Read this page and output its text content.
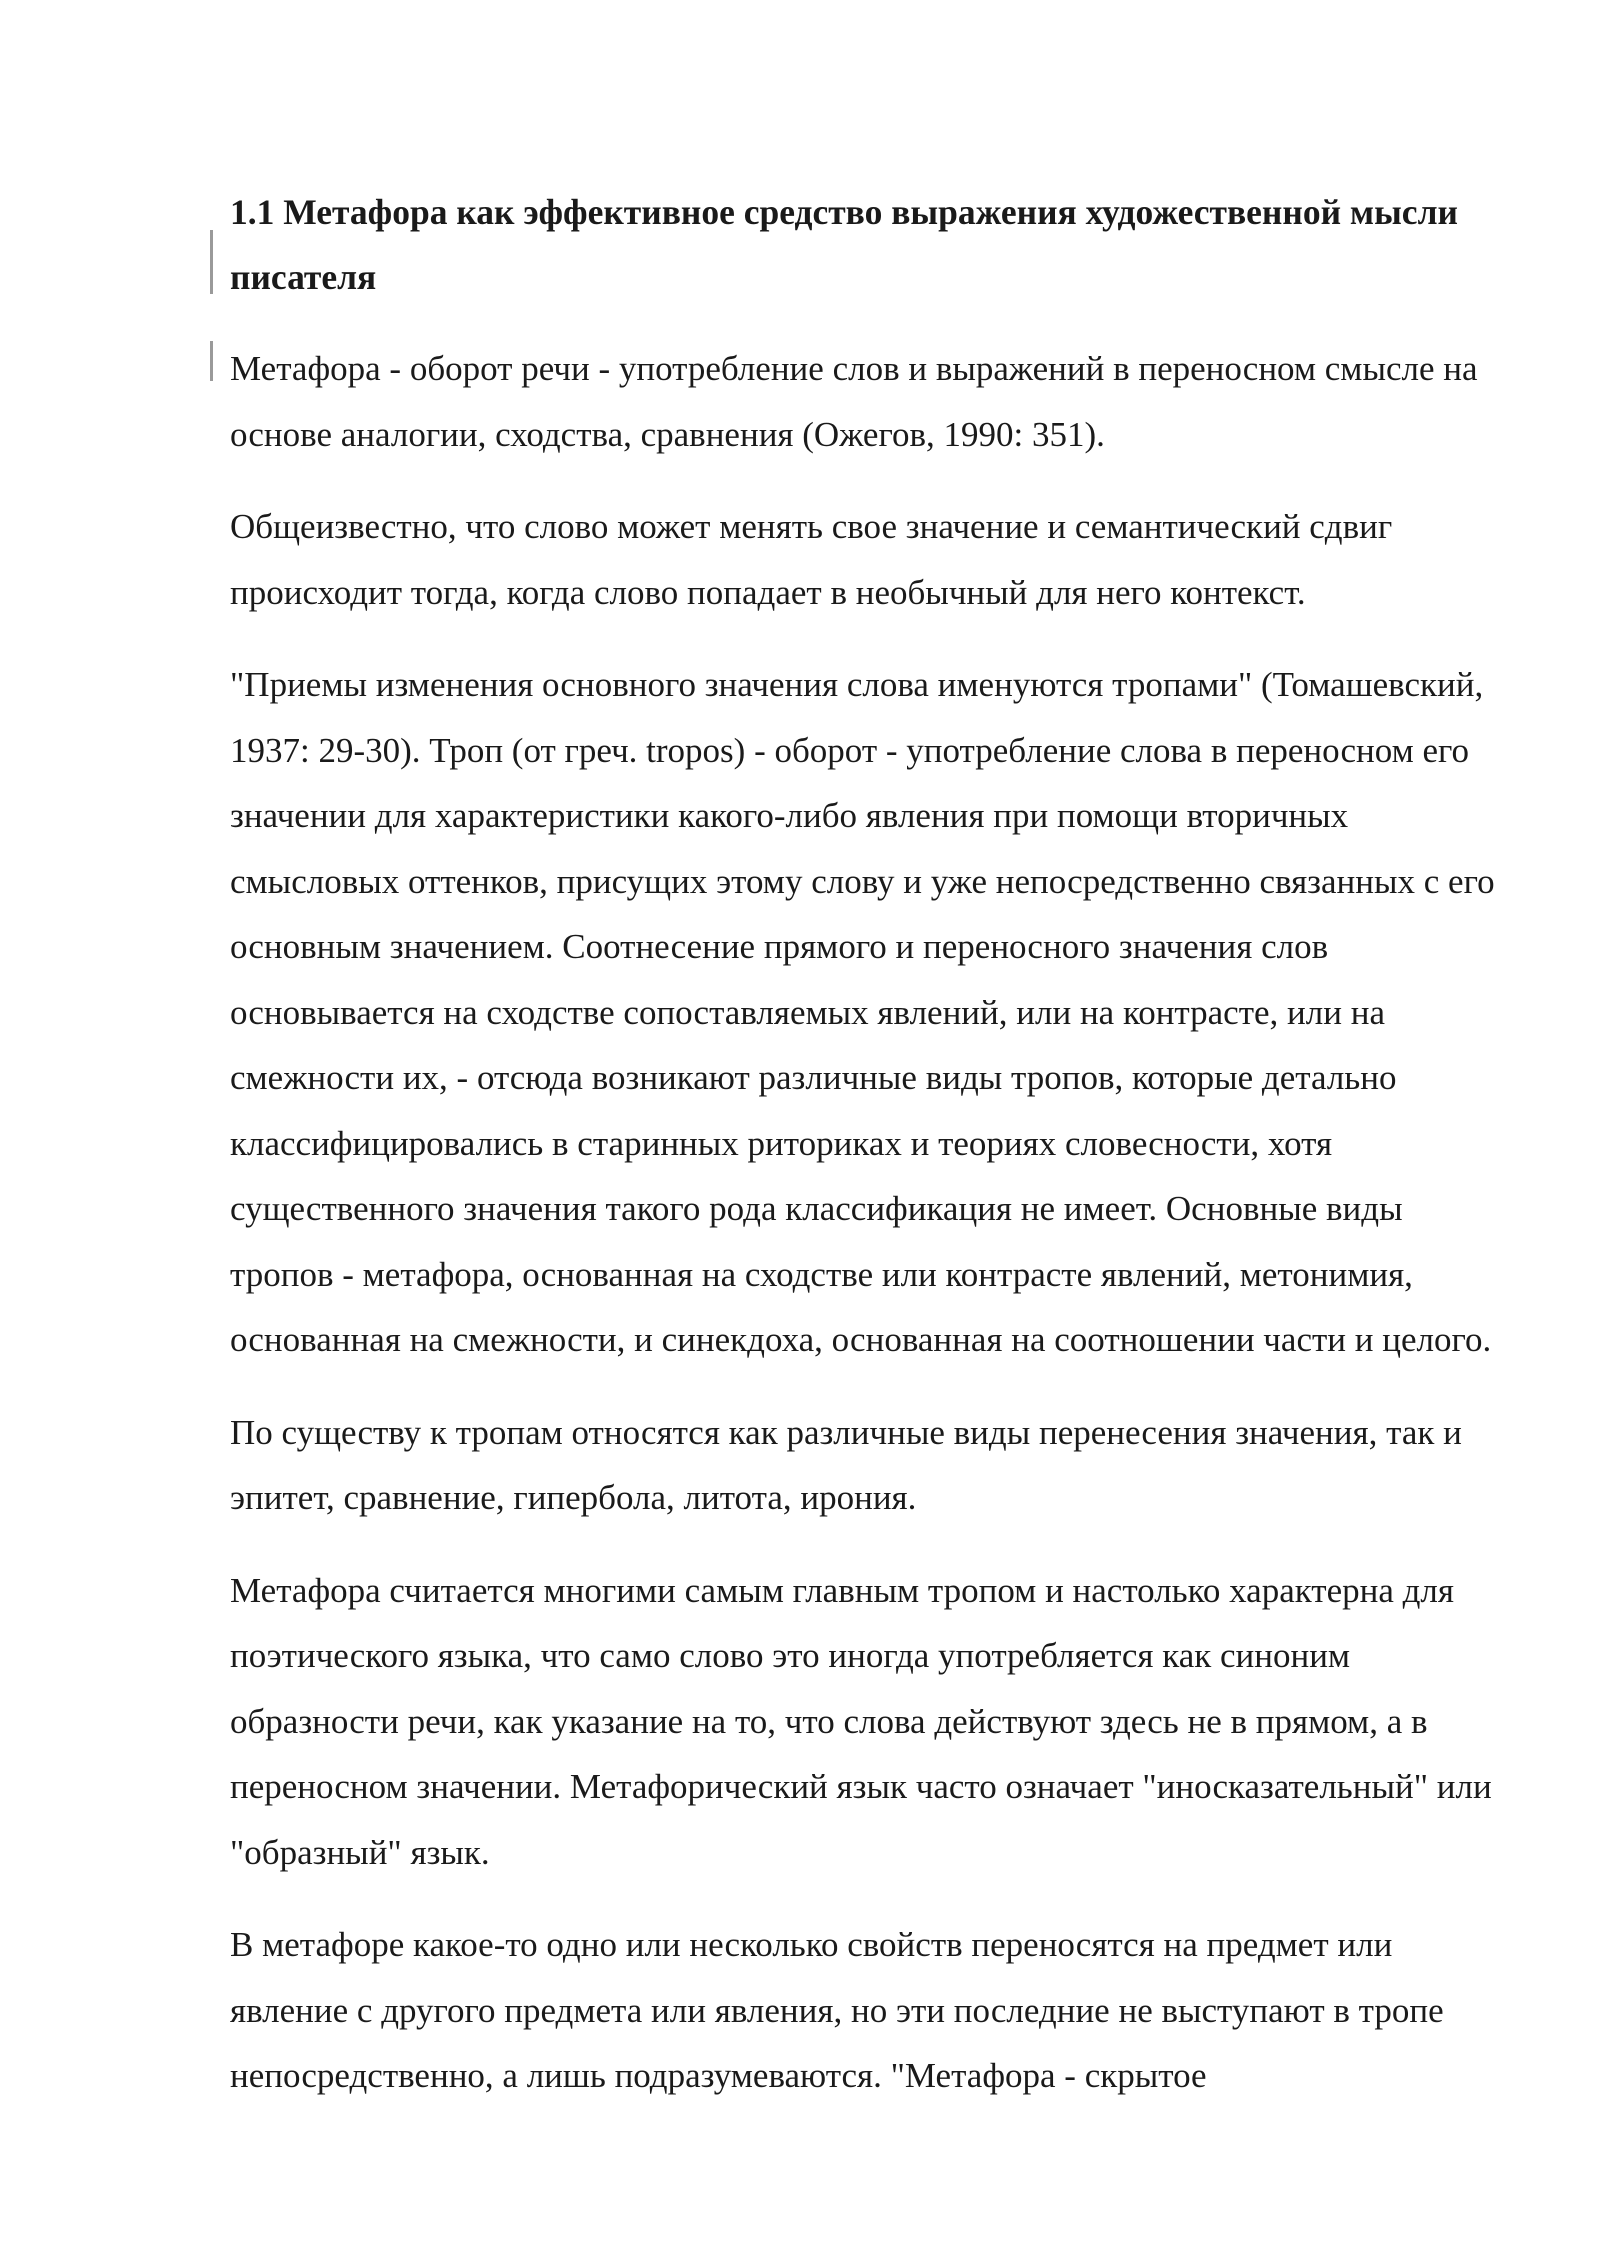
1.1 Метафора как эффективное средство выражения художественной мысли писателя

Метафора - оборот речи - употребление слов и выражений в переносном смысле на основе аналогии, сходства, сравнения (Ожегов, 1990: 351).

Общеизвестно, что слово может менять свое значение и семантический сдвиг происходит тогда, когда слово попадает в необычный для него контекст.

"Приемы изменения основного значения слова именуются тропами" (Томашевский, 1937: 29-30). Троп (от греч. tropos) - оборот - употребление слова в переносном его значении для характеристики какого-либо явления при помощи вторичных смысловых оттенков, присущих этому слову и уже непосредственно связанных с его основным значением. Соотнесение прямого и переносного значения слов основывается на сходстве сопоставляемых явлений, или на контрасте, или на смежности их, - отсюда возникают различные виды тропов, которые детально классифицировались в старинных риториках и теориях словесности, хотя существенного значения такого рода классификация не имеет. Основные виды тропов - метафора, основанная на сходстве или контрасте явлений, метонимия, основанная на смежности, и синекдоха, основанная на соотношении части и целого.

По существу к тропам относятся как различные виды перенесения значения, так и эпитет, сравнение, гипербола, литота, ирония.

Метафора считается многими самым главным тропом и настолько характерна для поэтического языка, что само слово это иногда употребляется как синоним образности речи, как указание на то, что слова действуют здесь не в прямом, а в переносном значении. Метафорический язык часто означает "иносказательный" или "образный" язык.

В метафоре какое-то одно или несколько свойств переносятся на предмет или явление с другого предмета или явления, но эти последние не выступают в тропе непосредственно, а лишь подразумеваются. "Метафора - скрытое
